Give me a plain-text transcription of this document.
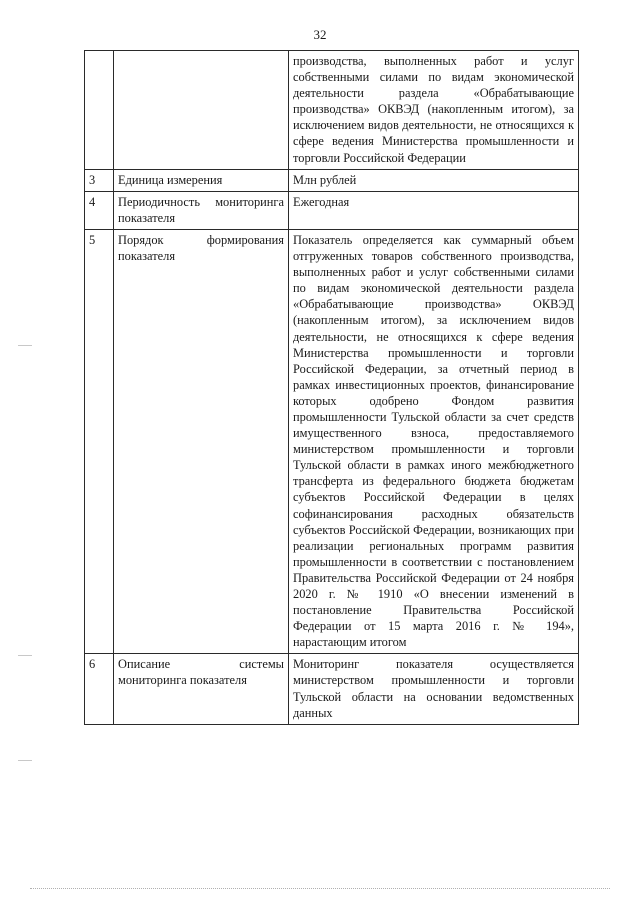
32
		производства, выполненных работ и услуг собственными силами по видам экономической деятельности раздела «Обрабатывающие производства» ОКВЭД (накопленным итогом), за исключением видов деятельности, не относящихся к сфере ведения Министерства промышленности и торговли Российской Федерации
3	Единица измерения	Млн рублей
4	Периодичность мониторинга показателя	Ежегодная
5	Порядок формирования показателя	Показатель определяется как суммарный объем отгруженных товаров собственного производства, выполненных работ и услуг собственными силами по видам экономической деятельности раздела «Обрабатывающие производства» ОКВЭД (накопленным итогом), за исключением видов деятельности, не относящихся к сфере ведения Министерства промышленности и торговли Российской Федерации, за отчетный период в рамках инвестиционных проектов, финансирование которых одобрено Фондом развития промышленности Тульской области за счет средств имущественного взноса, предоставляемого министерством промышленности и торговли Тульской области в рамках иного межбюджетного трансферта из федерального бюджета бюджетам субъектов Российской Федерации в целях софинансирования расходных обязательств субъектов Российской Федерации, возникающих при реализации региональных программ развития промышленности в соответствии с постановлением Правительства Российской Федерации от 24 ноября 2020 г. № 1910 «О внесении изменений в постановление Правительства Российской Федерации от 15 марта 2016 г. № 194», нарастающим итогом
6	Описание системы мониторинга показателя	Мониторинг показателя осуществляется министерством промышленности и торговли Тульской области на основании ведомственных данных
